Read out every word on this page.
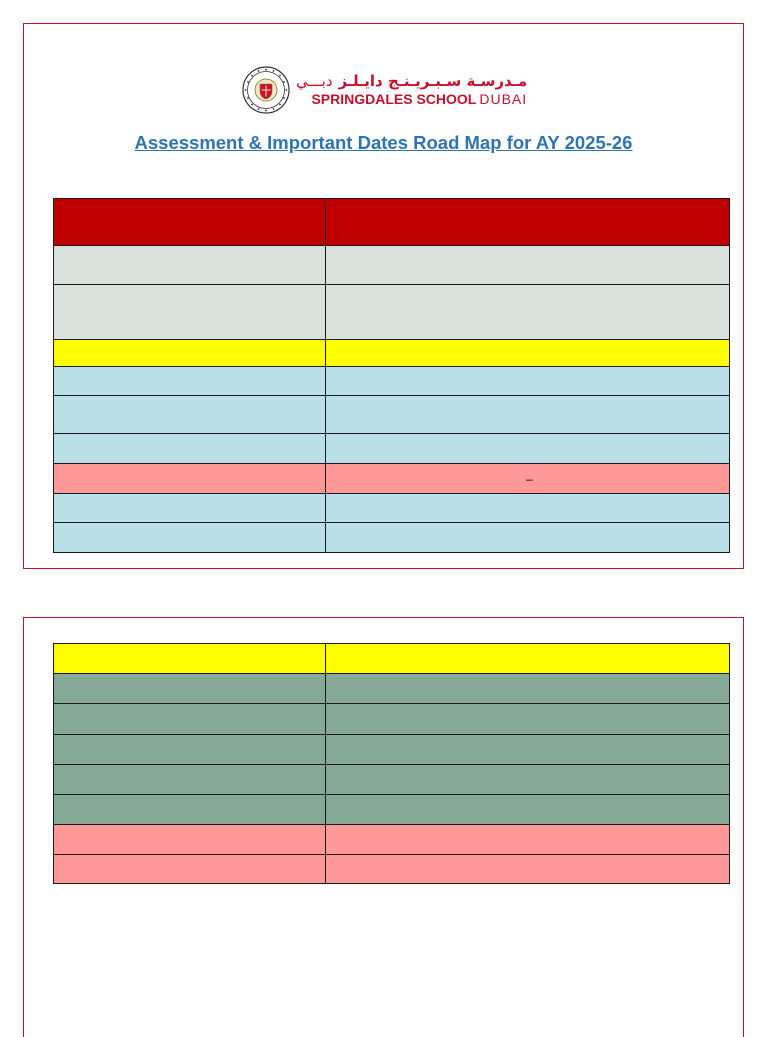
مـدرسـة سـبـريـنـج دايـلـزدبـــي
SPRINGDALES SCHOOL DUBAI
Assessment & Important Dates Road Map for AY 2025-26

	–
